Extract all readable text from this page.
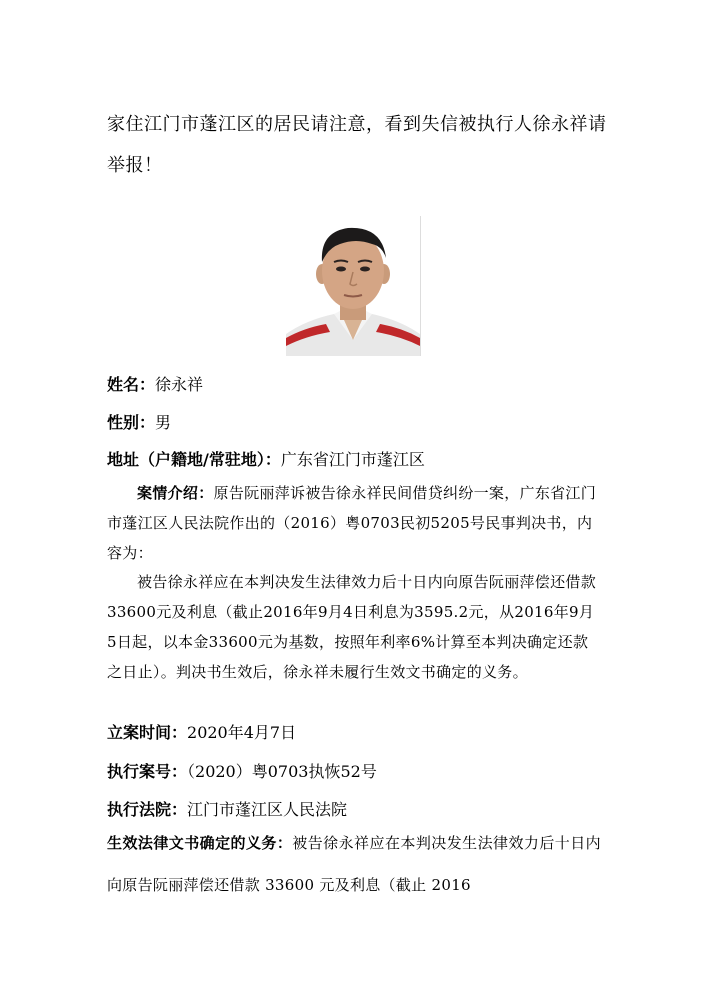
家住江门市蓬江区的居民请注意，看到失信被执行人徐永祥请举报！
姓名：徐永祥
性别：男
地址（户籍地/常驻地）：广东省江门市蓬江区
案情介绍：原告阮丽萍诉被告徐永祥民间借贷纠纷一案，广东省江门市蓬江区人民法院作出的（2016）粤0703民初5205号民事判决书，内容为：
被告徐永祥应在本判决发生法律效力后十日内向原告阮丽萍偿还借款33600元及利息（截止2016年9月4日利息为3595.2元，从2016年9月5日起，以本金33600元为基数，按照年利率6%计算至本判决确定还款之日止）。判决书生效后，徐永祥未履行生效文书确定的义务。
立案时间：2020年4月7日
执行案号：（2020）粤0703执恢52号
执行法院：江门市蓬江区人民法院
生效法律文书确定的义务：被告徐永祥应在本判决发生法律效力后十日内向原告阮丽萍偿还借款 33600 元及利息（截止 2016
